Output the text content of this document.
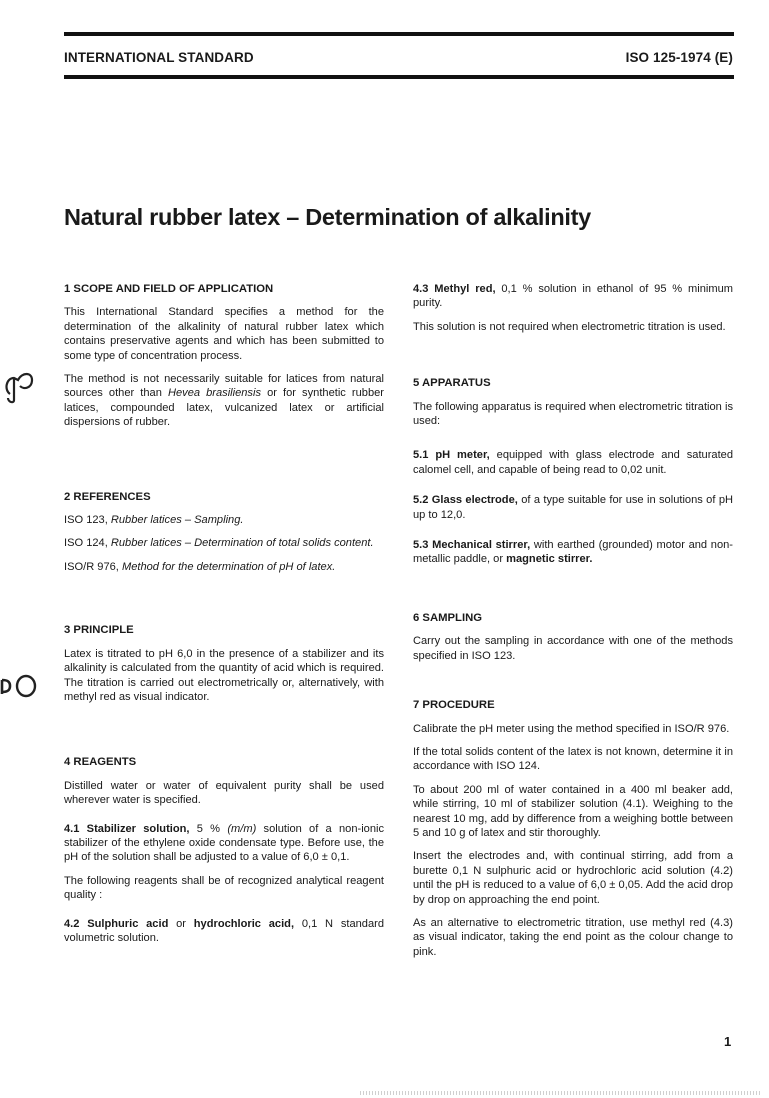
INTERNATIONAL STANDARD	ISO 125-1974 (E)
Natural rubber latex – Determination of alkalinity

1 SCOPE AND FIELD OF APPLICATION

This International Standard specifies a method for the determination of the alkalinity of natural rubber latex which contains preservative agents and which has been submitted to some type of concentration process.

The method is not necessarily suitable for latices from natural sources other than Hevea brasiliensis or for synthetic rubber latices, compounded latex, vulcanized latex or artificial dispersions of rubber.

2 REFERENCES

ISO 123, Rubber latices – Sampling.

ISO 124, Rubber latices – Determination of total solids content.

ISO/R 976, Method for the determination of pH of latex.

3 PRINCIPLE

Latex is titrated to pH 6,0 in the presence of a stabilizer and its alkalinity is calculated from the quantity of acid which is required. The titration is carried out electrometrically or, alternatively, with methyl red as visual indicator.

4 REAGENTS

Distilled water or water of equivalent purity shall be used wherever water is specified.

4.1 Stabilizer solution, 5 % (m/m) solution of a non-ionic stabilizer of the ethylene oxide condensate type. Before use, the pH of the solution shall be adjusted to a value of 6,0 ± 0,1.

The following reagents shall be of recognized analytical reagent quality :

4.2 Sulphuric acid or hydrochloric acid, 0,1 N standard volumetric solution.

4.3 Methyl red, 0,1 % solution in ethanol of 95 % minimum purity.

This solution is not required when electrometric titration is used.

5 APPARATUS

The following apparatus is required when electrometric titration is used:

5.1 pH meter, equipped with glass electrode and saturated calomel cell, and capable of being read to 0,02 unit.

5.2 Glass electrode, of a type suitable for use in solutions of pH up to 12,0.

5.3 Mechanical stirrer, with earthed (grounded) motor and non-metallic paddle, or magnetic stirrer.

6 SAMPLING

Carry out the sampling in accordance with one of the methods specified in ISO 123.

7 PROCEDURE

Calibrate the pH meter using the method specified in ISO/R 976.

If the total solids content of the latex is not known, determine it in accordance with ISO 124.

To about 200 ml of water contained in a 400 ml beaker add, while stirring, 10 ml of stabilizer solution (4.1). Weighing to the nearest 10 mg, add by difference from a weighing bottle between 5 and 10 g of latex and stir thoroughly.

Insert the electrodes and, with continual stirring, add from a burette 0,1 N sulphuric acid or hydrochloric acid solution (4.2) until the pH is reduced to a value of 6,0 ± 0,05. Add the acid drop by drop on approaching the end point.

As an alternative to electrometric titration, use methyl red (4.3) as visual indicator, taking the end point as the colour change to pink.

1
